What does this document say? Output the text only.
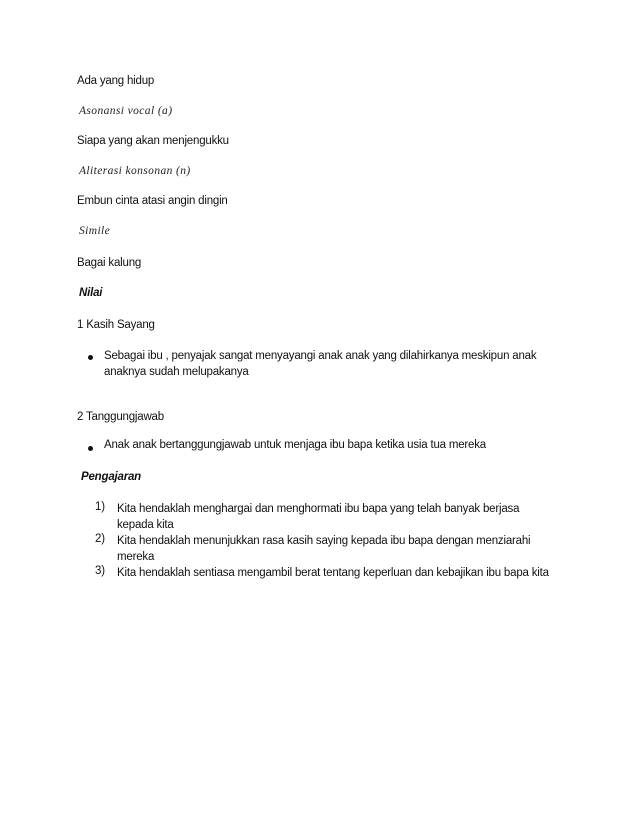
Ada yang hidup
Asonansi vocal (a)
Siapa yang akan menjengukku
Aliterasi konsonan (n)
Embun cinta atasi angin dingin
Simile
Bagai kalung
Nilai
1 Kasih Sayang
Sebagai ibu , penyajak sangat menyayangi anak anak yang dilahirkanya meskipun anak anaknya sudah melupakanya
2 Tanggungjawab
Anak anak bertanggungjawab untuk menjaga ibu bapa ketika usia tua mereka
Pengajaran
1) Kita hendaklah menghargai dan menghormati ibu bapa yang telah banyak berjasa kepada kita
2) Kita hendaklah menunjukkan rasa kasih saying kepada ibu bapa dengan menziarahi mereka
3) Kita hendaklah sentiasa mengambil berat tentang keperluan dan kebajikan ibu bapa kita
